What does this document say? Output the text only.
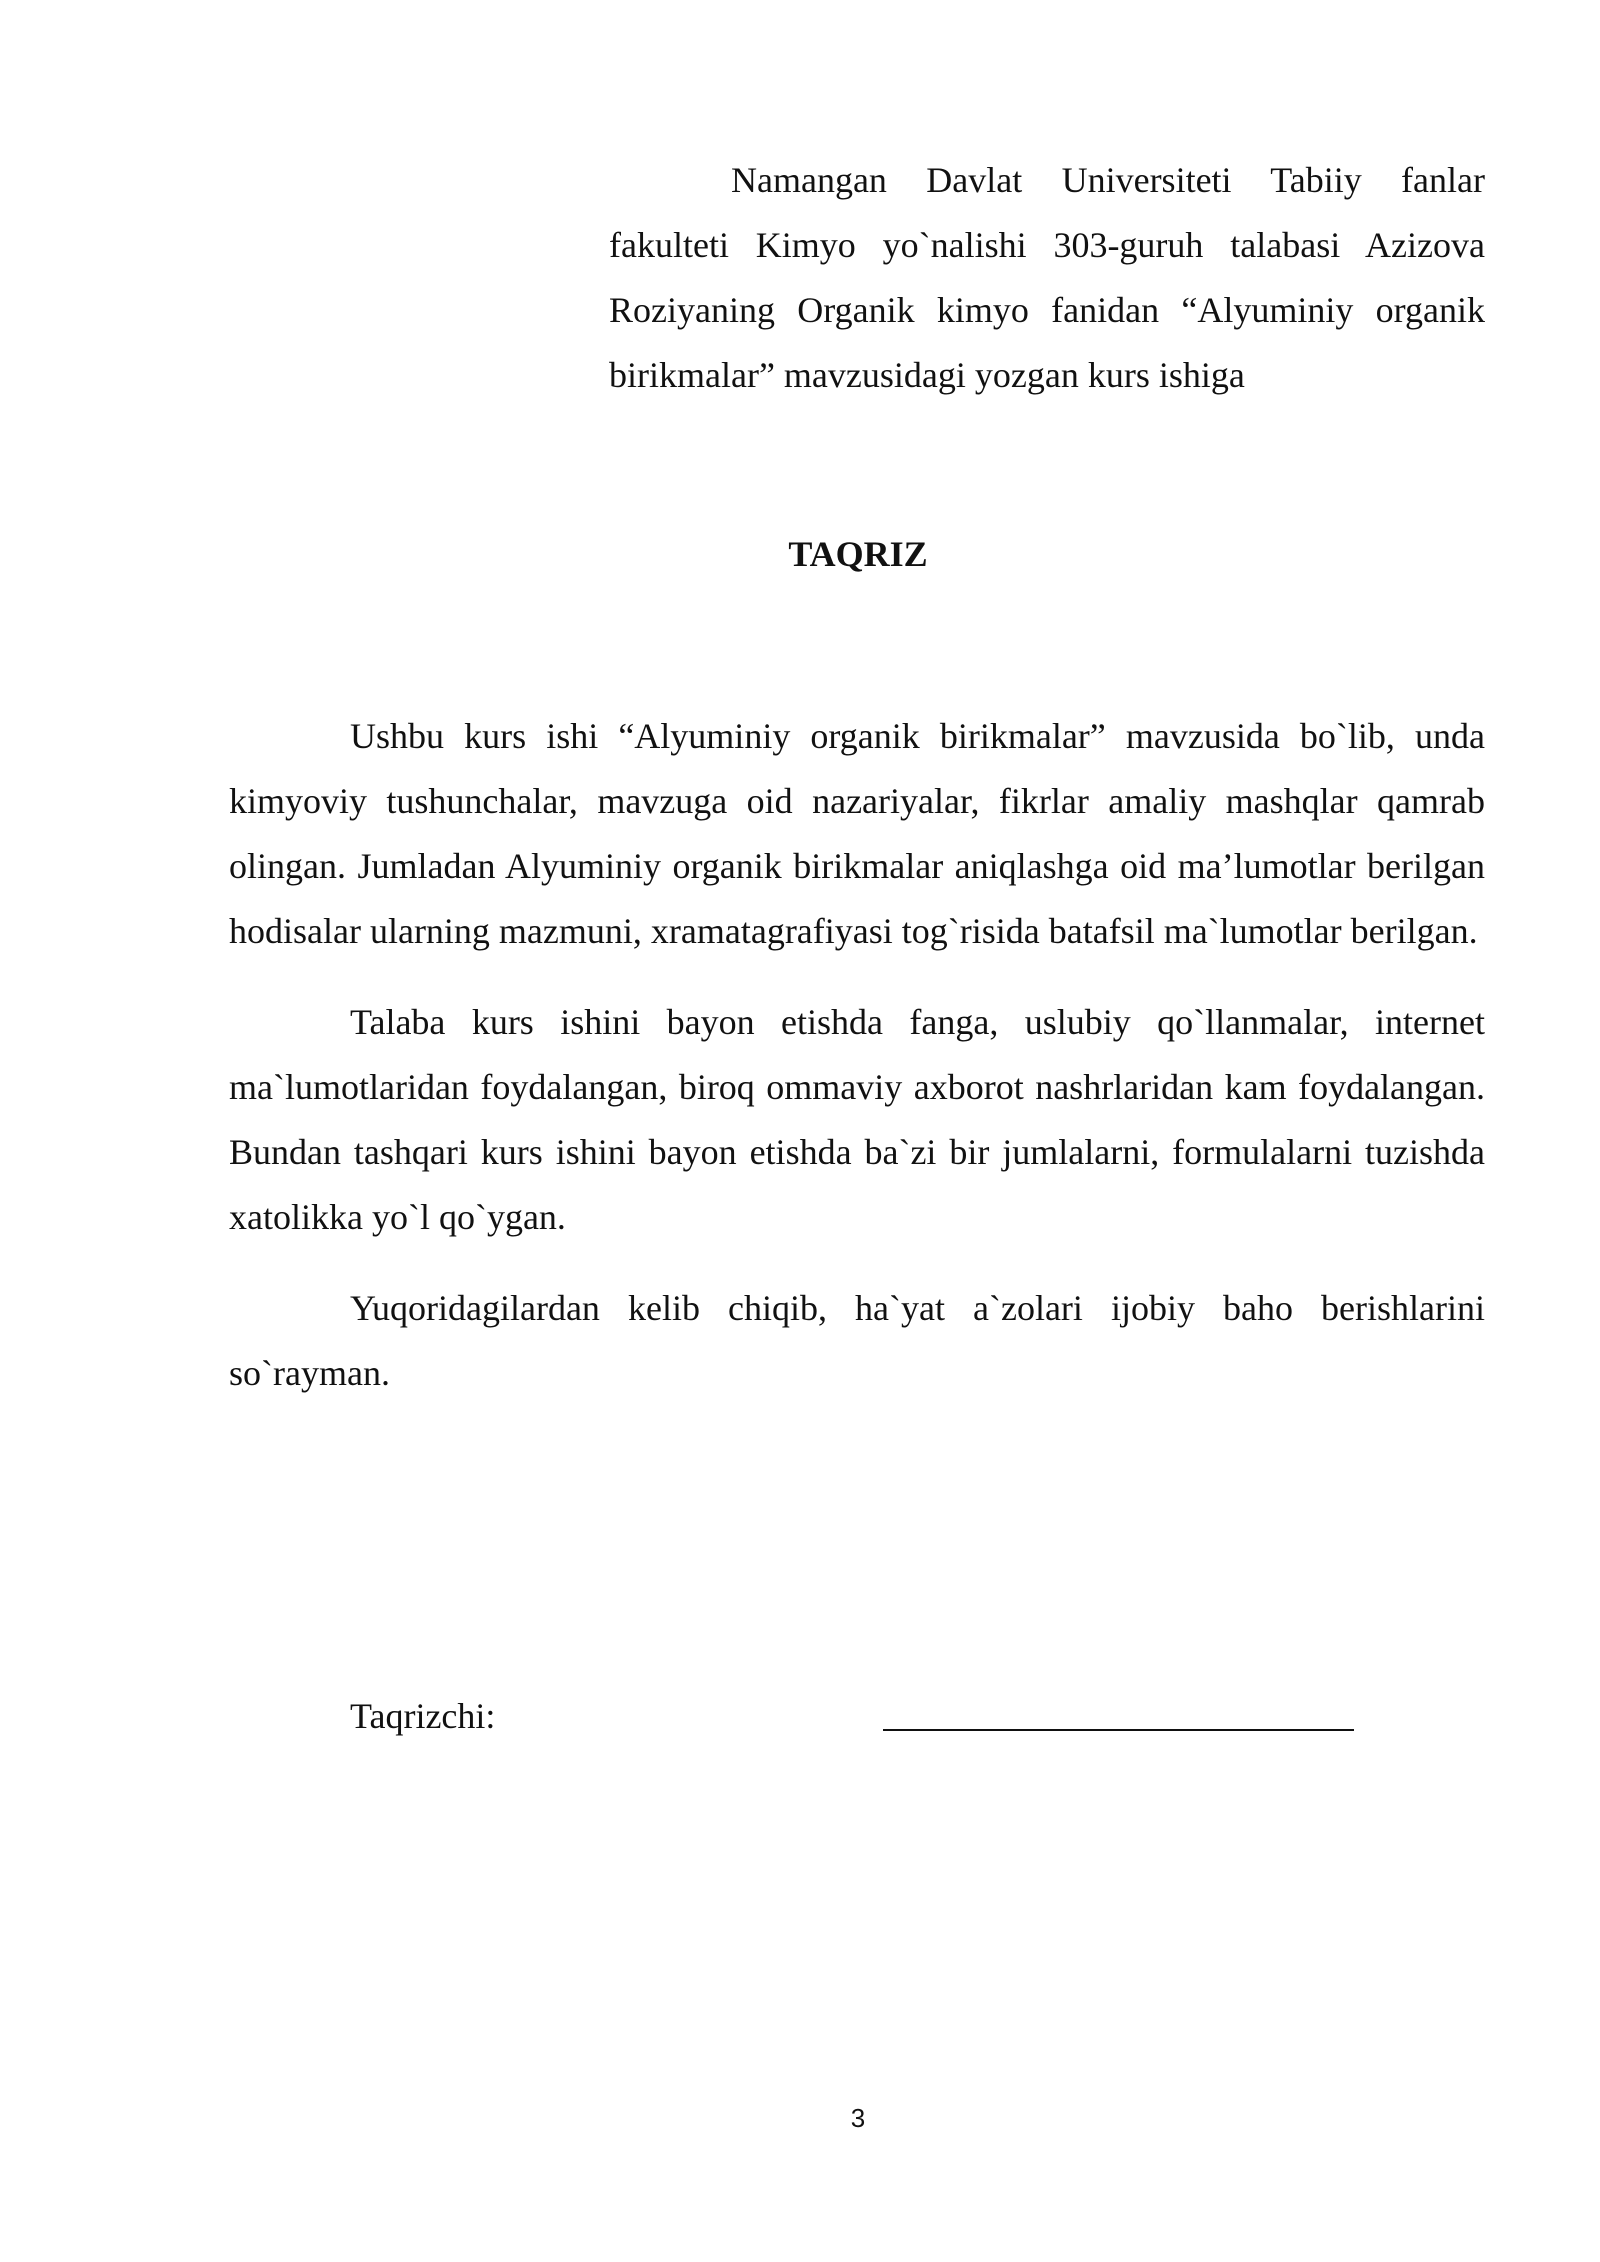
Namangan Davlat Universiteti Tabiiy fanlar fakulteti Kimyo yo`nalishi 303-guruh talabasi Azizova Roziyaning Organik kimyo fanidan “Alyuminiy organik birikmalar” mavzusidagi yozgan kurs ishiga
TAQRIZ

Ushbu kurs ishi “Alyuminiy organik birikmalar” mavzusida bo`lib, unda kimyoviy tushunchalar, mavzuga oid nazariyalar, fikrlar amaliy mashqlar qamrab olingan. Jumladan Alyuminiy organik birikmalar aniqlashga oid ma’lumotlar berilgan hodisalar ularning mazmuni, xramatagrafiyasi tog`risida batafsil ma`lumotlar berilgan.

Talaba kurs ishini bayon etishda fanga, uslubiy qo`llanmalar, internet ma`lumotlaridan foydalangan, biroq ommaviy axborot nashrlaridan kam foydalangan. Bundan tashqari kurs ishini bayon etishda ba`zi bir jumlalarni, formulalarni tuzishda xatolikka yo`l qo`ygan.

Yuqoridagilardan kelib chiqib, ha`yat a`zolari ijobiy baho berishlarini so`rayman.

Taqrizchi:
3
